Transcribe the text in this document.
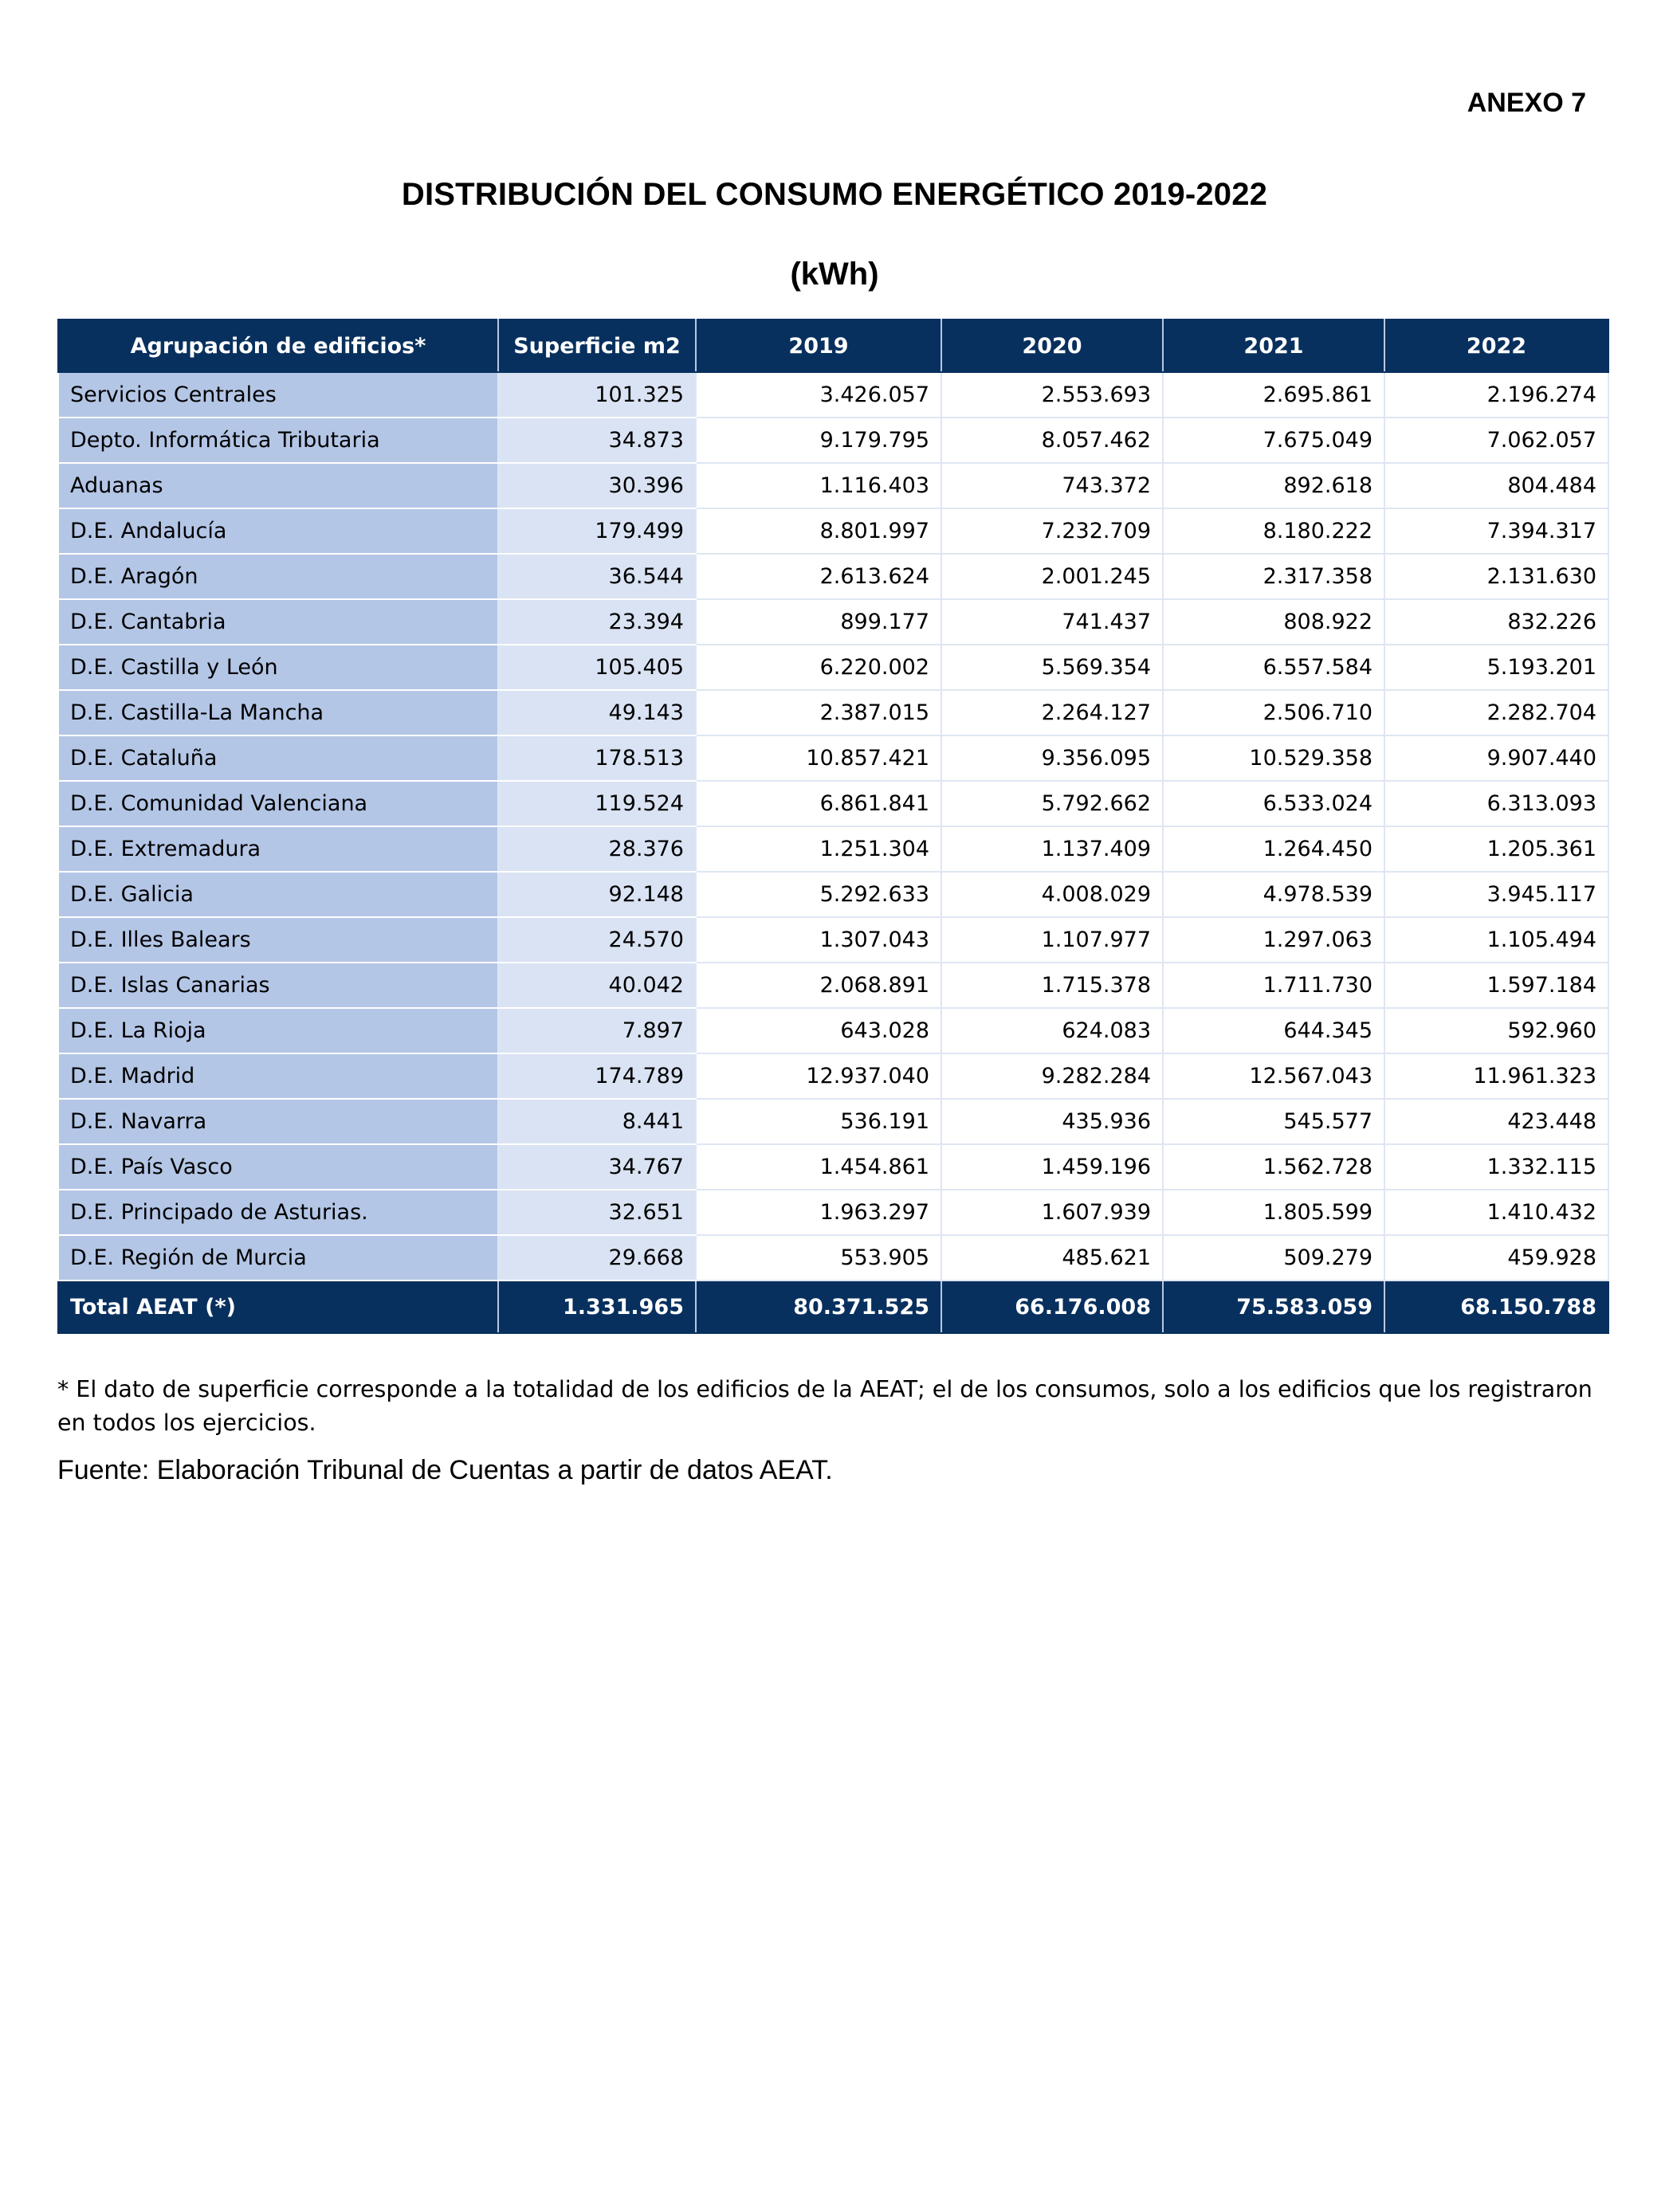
ANEXO 7
DISTRIBUCIÓN DEL CONSUMO ENERGÉTICO 2019-2022
(kWh)
Agrupación de edificios*	Superficie m2	2019	2020	2021	2022
Servicios Centrales	101.325	3.426.057	2.553.693	2.695.861	2.196.274
Depto. Informática Tributaria	34.873	9.179.795	8.057.462	7.675.049	7.062.057
Aduanas	30.396	1.116.403	743.372	892.618	804.484
D.E. Andalucía	179.499	8.801.997	7.232.709	8.180.222	7.394.317
D.E. Aragón	36.544	2.613.624	2.001.245	2.317.358	2.131.630
D.E. Cantabria	23.394	899.177	741.437	808.922	832.226
D.E. Castilla y León	105.405	6.220.002	5.569.354	6.557.584	5.193.201
D.E. Castilla-La Mancha	49.143	2.387.015	2.264.127	2.506.710	2.282.704
D.E. Cataluña	178.513	10.857.421	9.356.095	10.529.358	9.907.440
D.E. Comunidad Valenciana	119.524	6.861.841	5.792.662	6.533.024	6.313.093
D.E. Extremadura	28.376	1.251.304	1.137.409	1.264.450	1.205.361
D.E. Galicia	92.148	5.292.633	4.008.029	4.978.539	3.945.117
D.E. Illes Balears	24.570	1.307.043	1.107.977	1.297.063	1.105.494
D.E. Islas Canarias	40.042	2.068.891	1.715.378	1.711.730	1.597.184
D.E. La Rioja	7.897	643.028	624.083	644.345	592.960
D.E. Madrid	174.789	12.937.040	9.282.284	12.567.043	11.961.323
D.E. Navarra	8.441	536.191	435.936	545.577	423.448
D.E. País Vasco	34.767	1.454.861	1.459.196	1.562.728	1.332.115
D.E. Principado de Asturias.	32.651	1.963.297	1.607.939	1.805.599	1.410.432
D.E. Región de Murcia	29.668	553.905	485.621	509.279	459.928
Total AEAT (*)	1.331.965	80.371.525	66.176.008	75.583.059	68.150.788
* El dato de superficie corresponde a la totalidad de los edificios de la AEAT; el de los consumos, solo a los edificios que los registraron en todos los ejercicios.
Fuente: Elaboración Tribunal de Cuentas a partir de datos AEAT.
